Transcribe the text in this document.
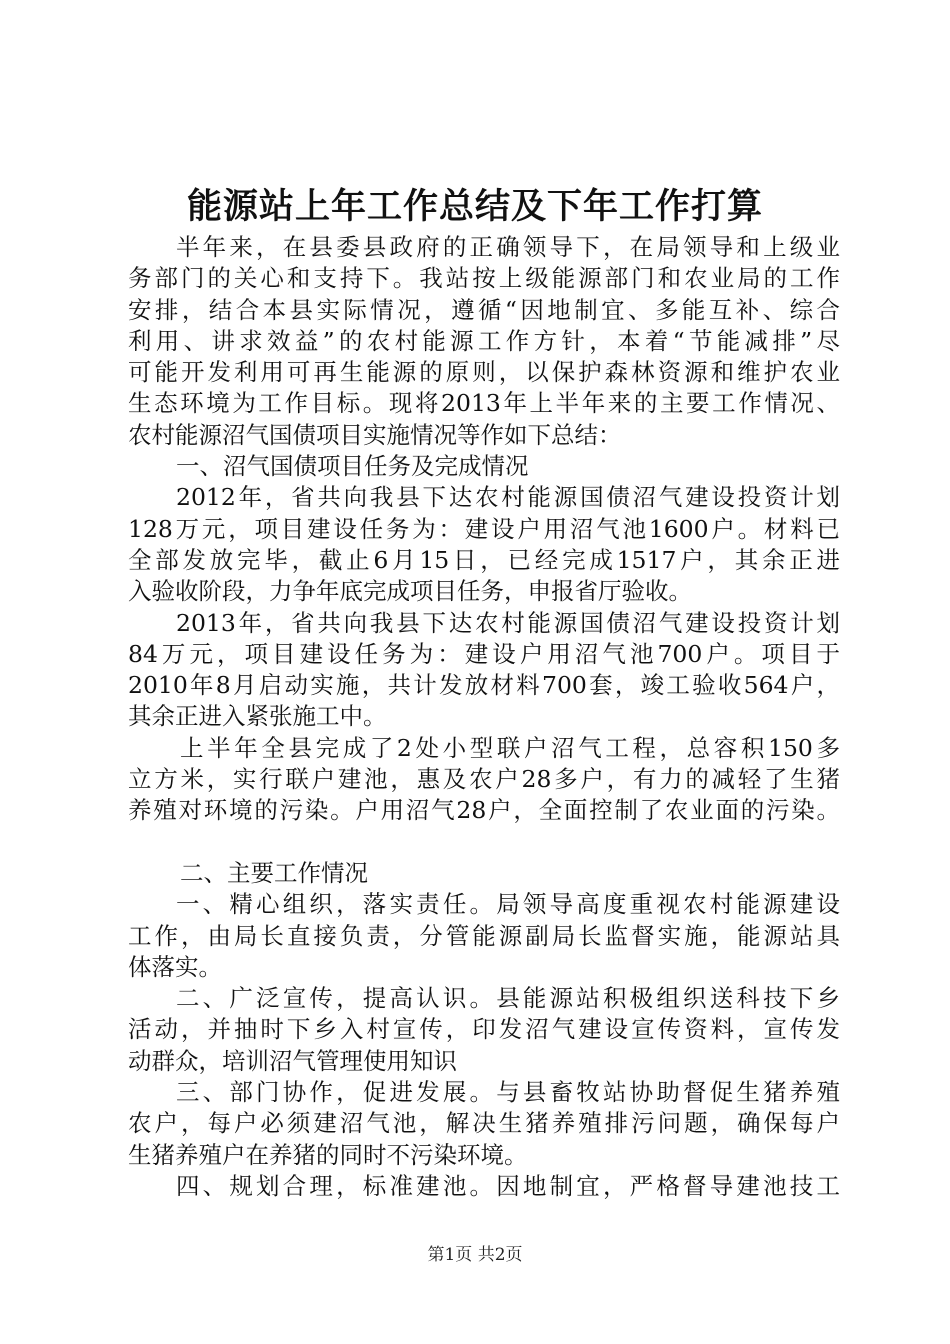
能源站上年工作总结及下年工作打算
半年来，在县委县政府的正确领导下，在局领导和上级业
务部门的关心和支持下。我站按上级能源部门和农业局的工作
安排，结合本县实际情况，遵循“因地制宜、多能互补、综合
利用、讲求效益”的农村能源工作方针，本着“节能减排”尽
可能开发利用可再生能源的原则，以保护森林资源和维护农业
生态环境为工作目标。现将2013年上半年来的主要工作情况、
农村能源沼气国债项目实施情况等作如下总结：
一、沼气国债项目任务及完成情况
2012年，省共向我县下达农村能源国债沼气建设投资计划
128万元，项目建设任务为：建设户用沼气池1600户。材料已
全部发放完毕，截止6月15日，已经完成1517户，其余正进
入验收阶段，力争年底完成项目任务，申报省厅验收。
2013年，省共向我县下达农村能源国债沼气建设投资计划
84万元，项目建设任务为：建设户用沼气池700户。项目于
2010年8月启动实施，共计发放材料700套，竣工验收564户，
其余正进入紧张施工中。
上半年全县完成了2处小型联户沼气工程，总容积150多
立方米，实行联户建池，惠及农户28多户，有力的减轻了生猪
养殖对环境的污染。户用沼气28户，全面控制了农业面的污染。
二、主要工作情况
一、精心组织，落实责任。局领导高度重视农村能源建设
工作，由局长直接负责，分管能源副局长监督实施，能源站具
体落实。
二、广泛宣传，提高认识。县能源站积极组织送科技下乡
活动，并抽时下乡入村宣传，印发沼气建设宣传资料，宣传发
动群众，培训沼气管理使用知识
三、部门协作，促进发展。与县畜牧站协助督促生猪养殖
农户，每户必须建沼气池，解决生猪养殖排污问题，确保每户
生猪养殖户在养猪的同时不污染环境。
四、规划合理，标准建池。因地制宜，严格督导建池技工
第1页 共2页
